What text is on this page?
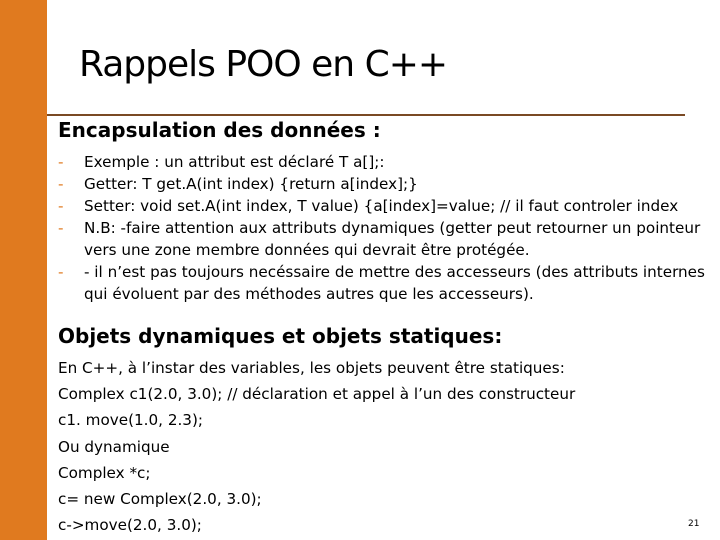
Rappels POO en C++
Encapsulation des données :
- Exemple : un attribut est déclaré T a[];:
- Getter: T get.A(int index) {return a[index];}
- Setter: void set.A(int index, T value) {a[index]=value; // il faut controler index
- N.B: -faire attention aux attributs dynamiques (getter peut retourner un pointeur vers une zone membre données qui devrait être protégée.
- - il n’est pas toujours necéssaire de mettre des accesseurs (des attributs internes qui évoluent par des méthodes autres que les accesseurs).
Objets dynamiques et objets statiques:
En C++, à l’instar des variables, les objets peuvent être statiques:
Complex c1(2.0, 3.0); // déclaration et appel à l’un des constructeur
c1. move(1.0, 2.3);
Ou dynamique
Complex *c;
c= new Complex(2.0, 3.0);
c->move(2.0, 3.0);	21
